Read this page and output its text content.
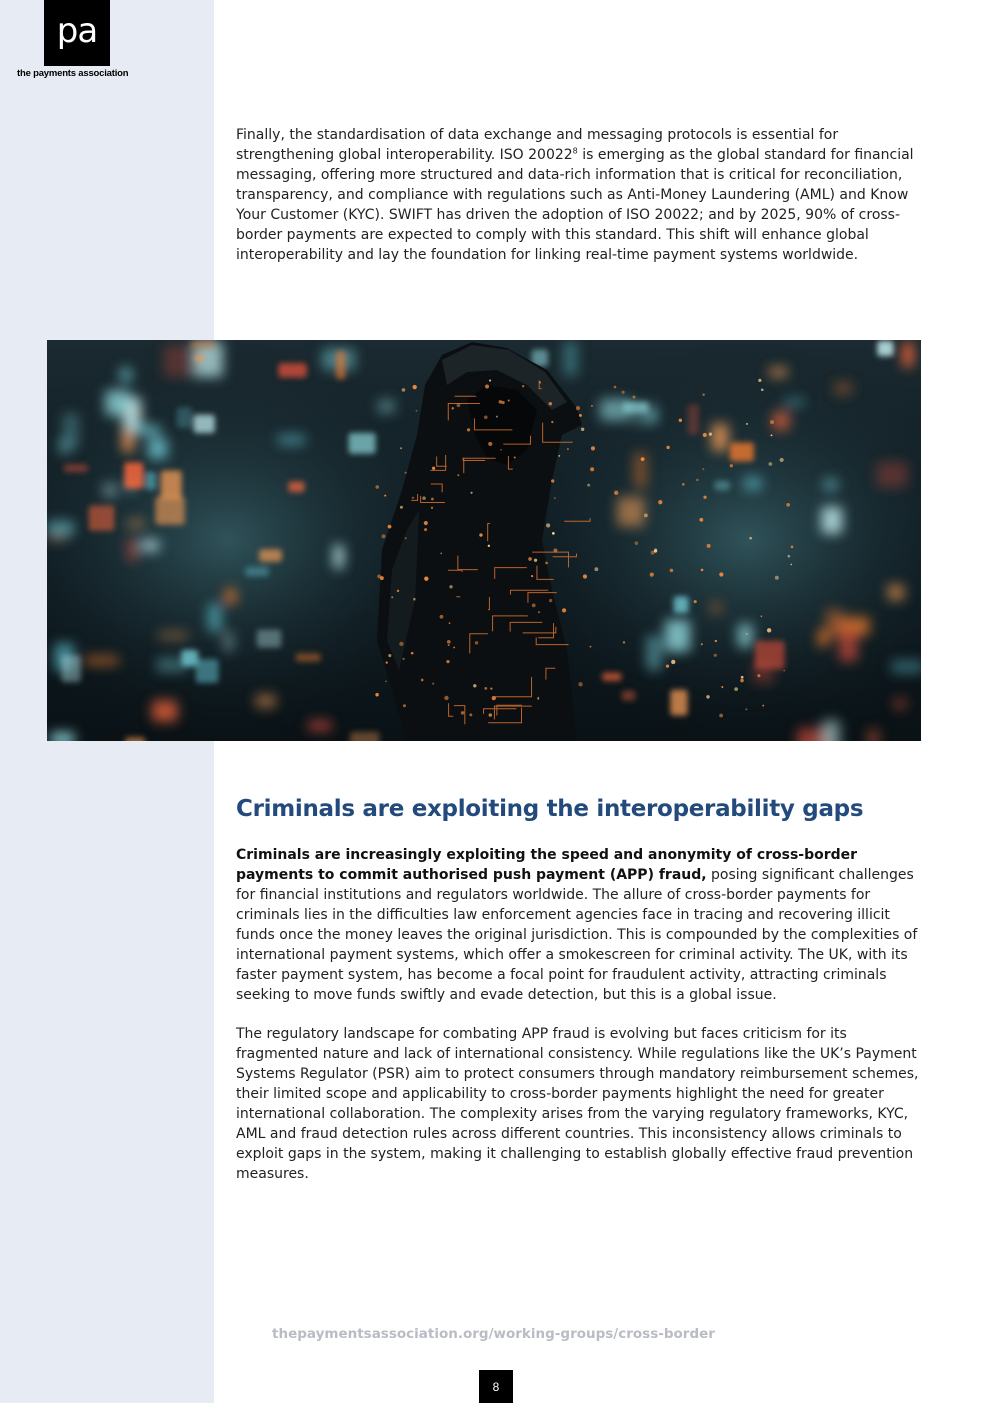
pa
the payments association

Finally, the standardisation of data exchange and messaging protocols is essential for strengthening global interoperability. ISO 20022$^8$ is emerging as the global standard for financial messaging, offering more structured and data-rich information that is critical for reconciliation, transparency, and compliance with regulations such as Anti-Money Laundering (AML) and Know Your Customer (KYC). SWIFT has driven the adoption of ISO 20022; and by 2025, 90% of cross-border payments are expected to comply with this standard. This shift will enhance global interoperability and lay the foundation for linking real-time payment systems worldwide.

Criminals are exploiting the interoperability gaps

Criminals are increasingly exploiting the speed and anonymity of cross-border payments to commit authorised push payment (APP) fraud, posing significant challenges for financial institutions and regulators worldwide. The allure of cross-border payments for criminals lies in the difficulties law enforcement agencies face in tracing and recovering illicit funds once the money leaves the original jurisdiction. This is compounded by the complexities of international payment systems, which offer a smokescreen for criminal activity. The UK, with its faster payment system, has become a focal point for fraudulent activity, attracting criminals seeking to move funds swiftly and evade detection, but this is a global issue.

The regulatory landscape for combating APP fraud is evolving but faces criticism for its fragmented nature and lack of international consistency. While regulations like the UK’s Payment Systems Regulator (PSR) aim to protect consumers through mandatory reimbursement schemes, their limited scope and applicability to cross-border payments highlight the need for greater international collaboration. The complexity arises from the varying regulatory frameworks, KYC, AML and fraud detection rules across different countries. This inconsistency allows criminals to exploit gaps in the system, making it challenging to establish globally effective fraud prevention measures.

thepaymentsassociation.org/working-groups/cross-border
8
